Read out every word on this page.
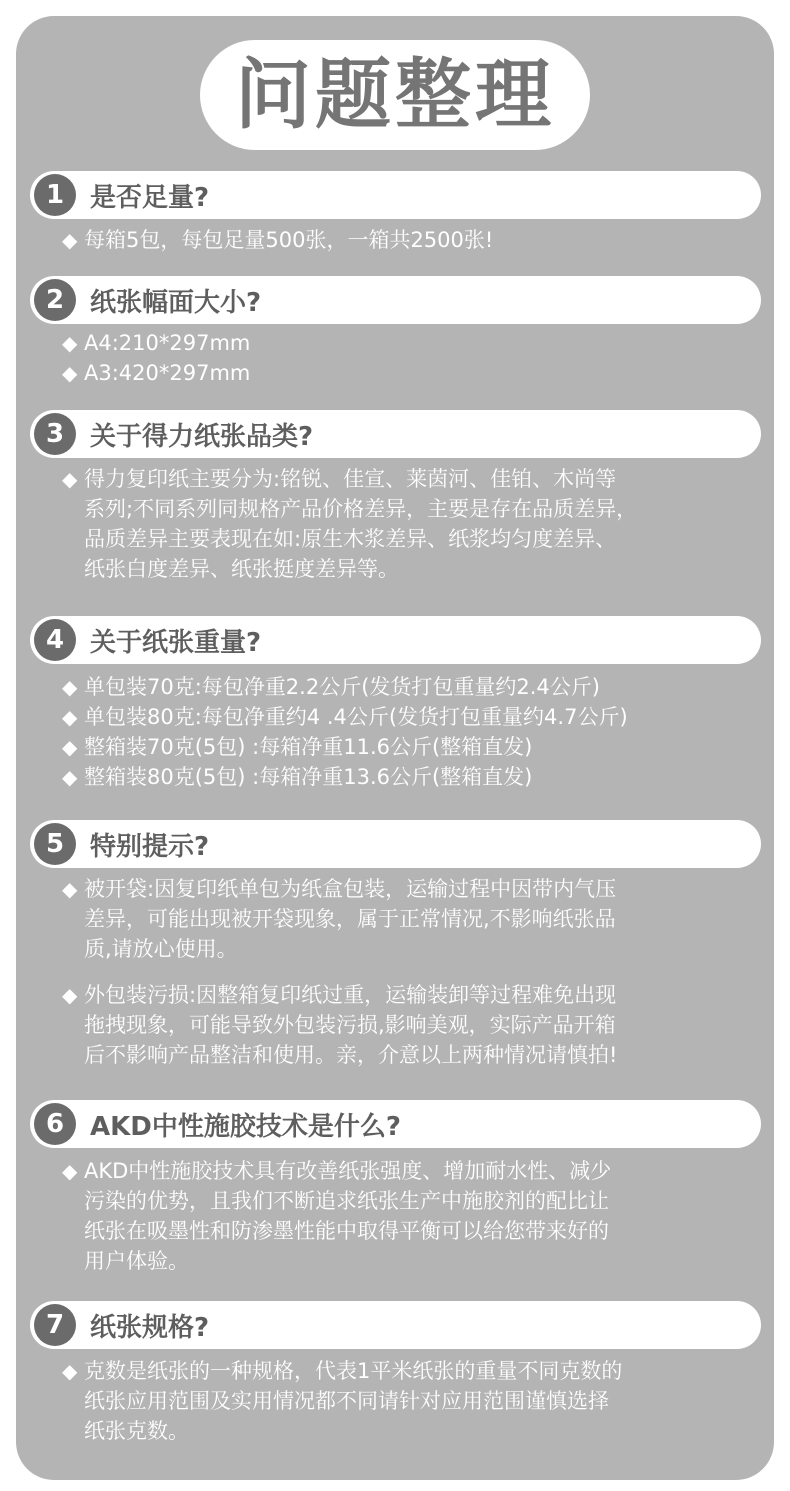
问题整理
1 是否足量?
◆ 每箱5包，每包足量500张，一箱共2500张!
2 纸张幅面大小?
◆ A4:210*297mm
◆ A3:420*297mm
3 关于得力纸张品类?
◆ 得力复印纸主要分为:铭锐、佳宣、莱茵河、佳铂、木尚等
系列;不同系列同规格产品价格差异，主要是存在品质差异，
品质差异主要表现在如:原生木浆差异、纸浆均匀度差异、
纸张白度差异、纸张挺度差异等。
4 关于纸张重量?
◆ 单包装70克:每包净重2.2公斤(发货打包重量约2.4公斤)
◆ 单包装80克:每包净重约4 .4公斤(发货打包重量约4.7公斤)
◆ 整箱装70克(5包) :每箱净重11.6公斤(整箱直发)
◆ 整箱装80克(5包) :每箱净重13.6公斤(整箱直发)
5 特别提示?
◆ 被开袋:因复印纸单包为纸盒包装，运输过程中因带内气压
差异，可能出现被开袋现象，属于正常情况,不影响纸张品
质,请放心使用。
◆ 外包装污损:因整箱复印纸过重，运输装卸等过程难免出现
拖拽现象，可能导致外包装污损,影响美观，实际产品开箱
后不影响产品整洁和使用。亲，介意以上两种情况请慎拍!
6 AKD中性施胶技术是什么?
◆ AKD中性施胶技术具有改善纸张强度、增加耐水性、减少
污染的优势，且我们不断追求纸张生产中施胶剂的配比让
纸张在吸墨性和防渗墨性能中取得平衡可以给您带来好的
用户体验。
7 纸张规格?
◆ 克数是纸张的一种规格，代表1平米纸张的重量不同克数的
纸张应用范围及实用情况都不同请针对应用范围谨慎选择
纸张克数。
